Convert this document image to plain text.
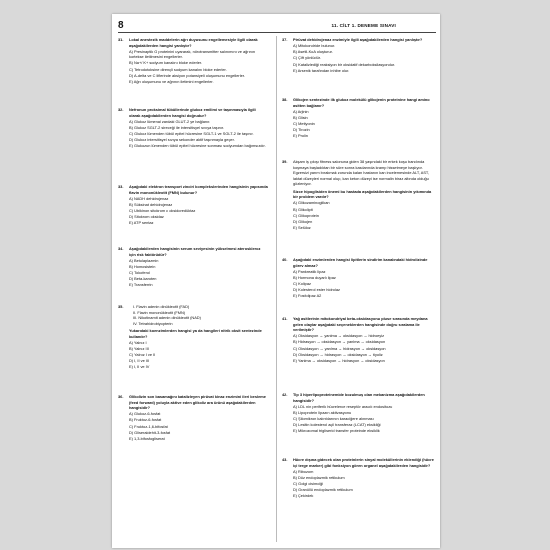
8	11. CİLT 1. DENEME SINAVI
31.	Lokal anestezik maddelerin ağrı duyusunu engellemesiyle ilgili olarak aşağıdakilerden hangisi yanlıştır?
A) Presinaptik G proteinini uyararak, nörotransmitter salınımını ve ağrının kortekse iletilmesini engellerler.
B) Na+/ K+ sodyum kanalını bloke ederler.
C) Tetrodotoksine dirençli sodyum kanalını bloke ederler.
D) A-delta ve C liflerinde aksiyon potansiyeli oluşumunu engellerler.
E) Ağrı oluşumunu ve ağrının iletimini engellerler.
32.	Nefronun proksimal tübüllerinde glukoz emilimi ve taşınmasıyla ilgili olarak aşağıdakilerden hangisi doğrudur?
A) Glukoz lümenal zardaki GLUT-2 ye bağlanır.
B) Glukoz SGLT-2 sireceği ile intersitisyel sıvıya taşınır.
C) Glukoz lümenden tübül epitel hücresine SGLT-1 ve SGLT-2 ile taşınır.
D) Glukoz intersitisyel sıvıya sekonder aktif taşınmayla geçer.
E) Glukozun lümenden tübül epitel hücresine sonması sodyumdan bağımsızdır.
33.	Aşağıdaki elektron transport zinciri komplekslerinden hangisinin yapısında flavin mononükleotit (FMN) bulunur?
A) NADH dehidrojenaz
B) Süksinat dehidrojenaz
C) Ubikinon sitokrom c oksidoredüktaz
D) Sitokrom oksidaz
E) ATP sentaz
34.	Aşağıdakilerden hangisinin serum seviyesinin yükselmesi ateroskleroz için risk faktörüdür?
A) Betulaplazmin
B) Homosistein
C) Tokoferol
D) Beta-karoten
E) Transferrin
35.	I. Flavin adenin dinükleotit (FAD)
II. Flavin mononükleotit (FMN)
III. Nikotinamit adenin dinükleotit (NAD)
IV. Tetrahidrobiyopterin
Yukarıdaki koenzimlerden hangisi ya da hangileri nitrik oksit sentezinde kullanılır?
A) Yalnız I
B) Yalnız III
C) Yalnız I ve II
D) I, II ve III
E) I, II ve IV
36.	Glikolizin son basamağını katalizleyen pirüvat kinaz enzimini ileri besleme (feed forward) yoluyla aktive eden glikoliz ara ürünü aşağıdakilerden hangisidir?
A) Glukoz-6-fosfat
B) Fruktoz-6-fosfat
C) Fruktoz-1,6-bifosfat
D) Gliseraldehit-3-fosfat
E) 1,3-bifosfogliserat
37.	Pirüvat dehidrojenaz enzimiyle ilgili aşağıdakilerden hangisi yanlıştır?
A) Mitokondride bulunur.
B) Asetil-KoA oluşturur.
C) Çift yönlüdür.
D) Katalizlediği reaksiyon bir oksidatif dekarboksilasyondur.
E) Arsenik tarafından inhibe olur.
38.	Glikojen sentezinde ilk glukoz molekülü glikojenin proteinine hangi amino asitten bağlanır?
A) Arjinin
B) Glisin
C) Metiyonin
D) Tirozin
E) Prolin
39.	Akşam iş çıkışı fitness salonuna giden 38 yaşındaki bir erkek koşu bandında koşmaya başladıktan bir süre sonra kasılarında kramp hissetmeye başlıyor. Egzersizi yarım bırakmak zorunda kalan hastanın kan incelemesinde ALT, AST, laktat düzeyleri normal olup, kan keton düzeyi ise normalin biraz altında olduğu gözleniyor.
Sizce hipoglisiden önemi bu hastada aşağıdakilerden hangisinin yıkımında bir problem vardır?
A) Glikozaminoglikan
B) Glikolipit
C) Glikoprotein
D) Glikojen
E) Selüloz
40.	Aşağıdaki enzimlerden hangisi lipitlerin sindirim kanalındaki hidrolizinde görev almaz?
A) Pankreatik lipaz
B) Hormona duyarlı lipaz
C) Kolipaz
D) Kolesterol ester hidrolaz
E) Fosfolipaz A2
41.	Yağ asitlerinin mitokondriyal beta-oksidasyonu pluse sırasında meydana gelen olaylar aşağıdaki seçeneklerden hangisinde doğru sıralama ile verilmiştir?
A) Oksidasyon → yanlma → oksidasyon → hidroeyiz
B) Hidrasyon → oksidasyon → yanlma → oksidasyon
C) Oksidasyon → yanlma → hidrasyon → oksidasyon
D) Oksidasyon → hidrasyon → oksidasyon → tiyoliz
E) Yanlma → oksidasyon → hidrasyon → oksidasyon
42.	Tip 3 hiperlipoproteinemide bozulmuş olan mekanizma aşağıdakilerden hangisidir?
A) LDL nin periferik hücrelerce reseptör aracılı endositozu
B) Lipoprotein lipazın aktivasyonu
C) Şilomikron kalıntılarının karaciğere alınması
D) Lesitin kolesterol açil transferaz (LCAT) eksikliği
E) Mikrozomal trigliserid transfer proteinde eksiklik
43.	Hücre dışına gidecek olan proteinlerin sinyal moleküllerinin eklendiği (hücre içi terge marker) gibi fonksiyon gören organel aşağıdakilerden hangisidir?
A) Ribozom
B) Düz endoplazmik retikulum
C) Golgi cisimciği
D) Granüllü endoplazmik retikulum
E) Çekirdek
